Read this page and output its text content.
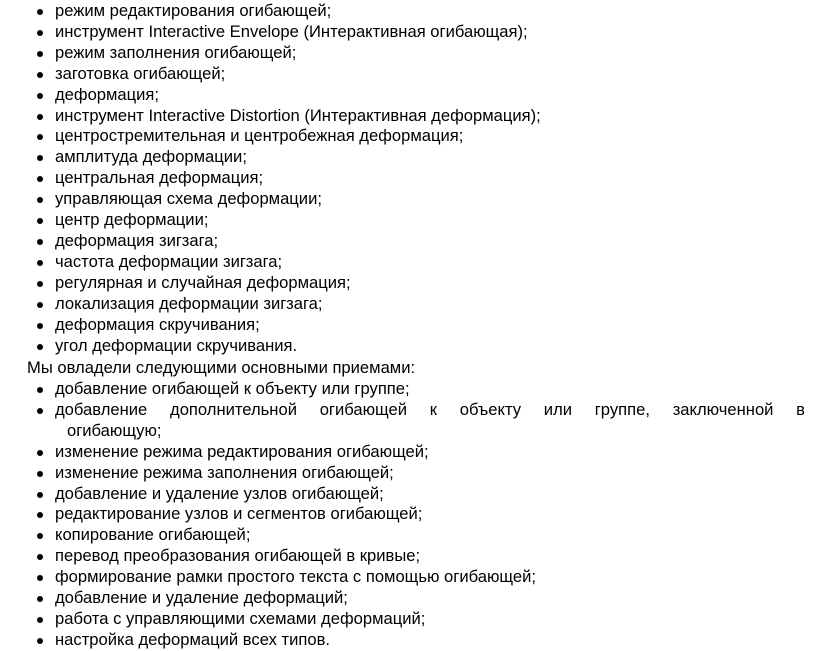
режим редактирования огибающей;
инструмент Interactive Envelope (Интерактивная огибающая);
режим заполнения огибающей;
заготовка огибающей;
деформация;
инструмент Interactive Distortion (Интерактивная деформация);
центростремительная и центробежная деформация;
амплитуда деформации;
центральная деформация;
управляющая схема деформации;
центр деформации;
деформация зигзага;
частота деформации зигзага;
регулярная и случайная деформация;
локализация деформации зигзага;
деформация скручивания;
угол деформации скручивания.
Мы овладели следующими основными приемами:
добавление огибающей к объекту или группе;
добавление дополнительной огибающей к объекту или группе, заключенной в
огибающую;
изменение режима редактирования огибающей;
изменение режима заполнения огибающей;
добавление и удаление узлов огибающей;
редактирование узлов и сегментов огибающей;
копирование огибающей;
перевод преобразования огибающей в кривые;
формирование рамки простого текста с помощью огибающей;
добавление и удаление деформаций;
работа с управляющими схемами деформаций;
настройка деформаций всех типов.
